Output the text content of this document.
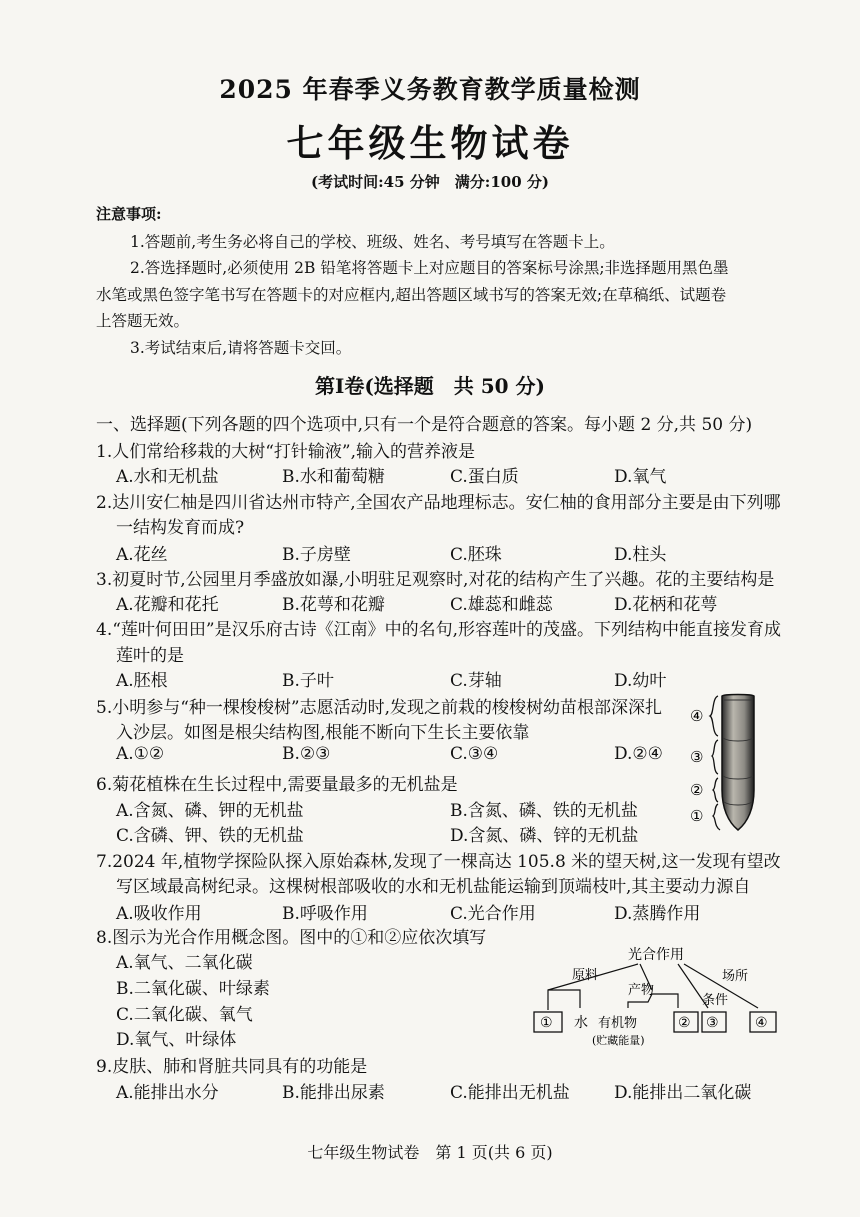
2025 年春季义务教育教学质量检测
七年级生物试卷
(考试时间:45 分钟　满分:100 分)
注意事项:
1.答题前,考生务必将自己的学校、班级、姓名、考号填写在答题卡上。
2.答选择题时,必须使用 2B 铅笔将答题卡上对应题目的答案标号涂黑;非选择题用黑色墨
水笔或黑色签字笔书写在答题卡的对应框内,超出答题区域书写的答案无效;在草稿纸、试题卷
上答题无效。
3.考试结束后,请将答题卡交回。
第Ⅰ卷(选择题　共 50 分)
一、选择题(下列各题的四个选项中,只有一个是符合题意的答案。每小题 2 分,共 50 分)
1.人们常给移栽的大树“打针输液”,输入的营养液是
A.水和无机盐	B.水和葡萄糖	C.蛋白质	D.氧气
2.达川安仁柚是四川省达州市特产,全国农产品地理标志。安仁柚的食用部分主要是由下列哪
一结构发育而成?
A.花丝	B.子房壁	C.胚珠	D.柱头
3.初夏时节,公园里月季盛放如瀑,小明驻足观察时,对花的结构产生了兴趣。花的主要结构是
A.花瓣和花托	B.花萼和花瓣	C.雄蕊和雌蕊	D.花柄和花萼
4.“莲叶何田田”是汉乐府古诗《江南》中的名句,形容莲叶的茂盛。下列结构中能直接发育成
莲叶的是
A.胚根	B.子叶	C.芽轴	D.幼叶
5.小明参与“种一棵梭梭树”志愿活动时,发现之前栽的梭梭树幼苗根部深深扎
入沙层。如图是根尖结构图,根能不断向下生长主要依靠
A.①②	B.②③	C.③④	D.②④
④
③
②
①
6.菊花植株在生长过程中,需要量最多的无机盐是
A.含氮、磷、钾的无机盐	B.含氮、磷、铁的无机盐
C.含磷、钾、铁的无机盐	D.含氮、磷、锌的无机盐
7.2024 年,植物学探险队探入原始森林,发现了一棵高达 105.8 米的望天树,这一发现有望改
写区域最高树纪录。这棵树根部吸收的水和无机盐能运输到顶端枝叶,其主要动力源自
A.吸收作用	B.呼吸作用	C.光合作用	D.蒸腾作用
8.图示为光合作用概念图。图中的①和②应依次填写
A.氧气、二氧化碳
B.二氧化碳、叶绿素
C.二氧化碳、氧气
D.氧气、叶绿体
光合作用
原料
产物
场所
条件
① 水 有机物
(贮藏能量)
② ③	④
9.皮肤、肺和肾脏共同具有的功能是
A.能排出水分	B.能排出尿素	C.能排出无机盐	D.能排出二氧化碳
七年级生物试卷　第 1 页(共 6 页)
